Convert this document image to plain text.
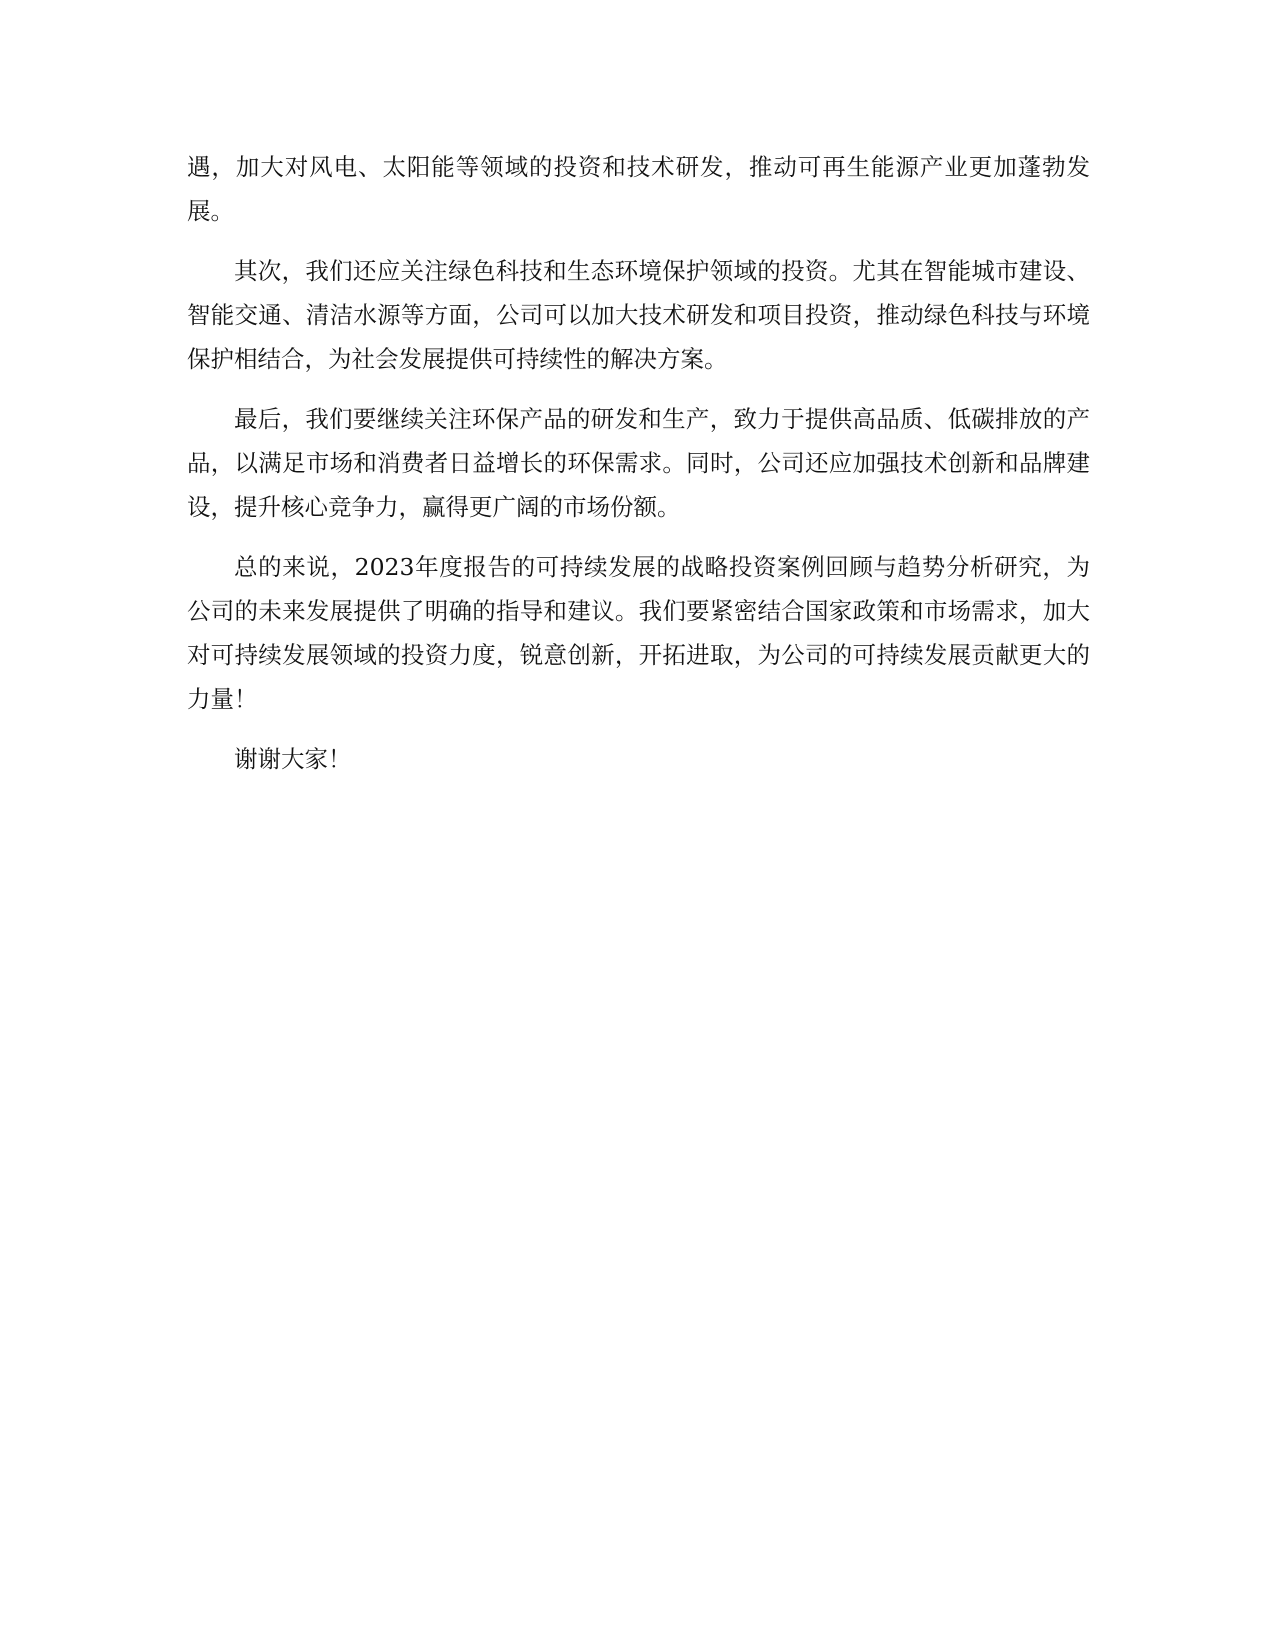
遇，加大对风电、太阳能等领域的投资和技术研发，推动可再生能源产业更加蓬勃发展。

其次，我们还应关注绿色科技和生态环境保护领域的投资。尤其在智能城市建设、智能交通、清洁水源等方面，公司可以加大技术研发和项目投资，推动绿色科技与环境保护相结合，为社会发展提供可持续性的解决方案。

最后，我们要继续关注环保产品的研发和生产，致力于提供高品质、低碳排放的产品，以满足市场和消费者日益增长的环保需求。同时，公司还应加强技术创新和品牌建设，提升核心竞争力，赢得更广阔的市场份额。

总的来说，2023年度报告的可持续发展的战略投资案例回顾与趋势分析研究，为公司的未来发展提供了明确的指导和建议。我们要紧密结合国家政策和市场需求，加大对可持续发展领域的投资力度，锐意创新，开拓进取，为公司的可持续发展贡献更大的力量！

谢谢大家！
